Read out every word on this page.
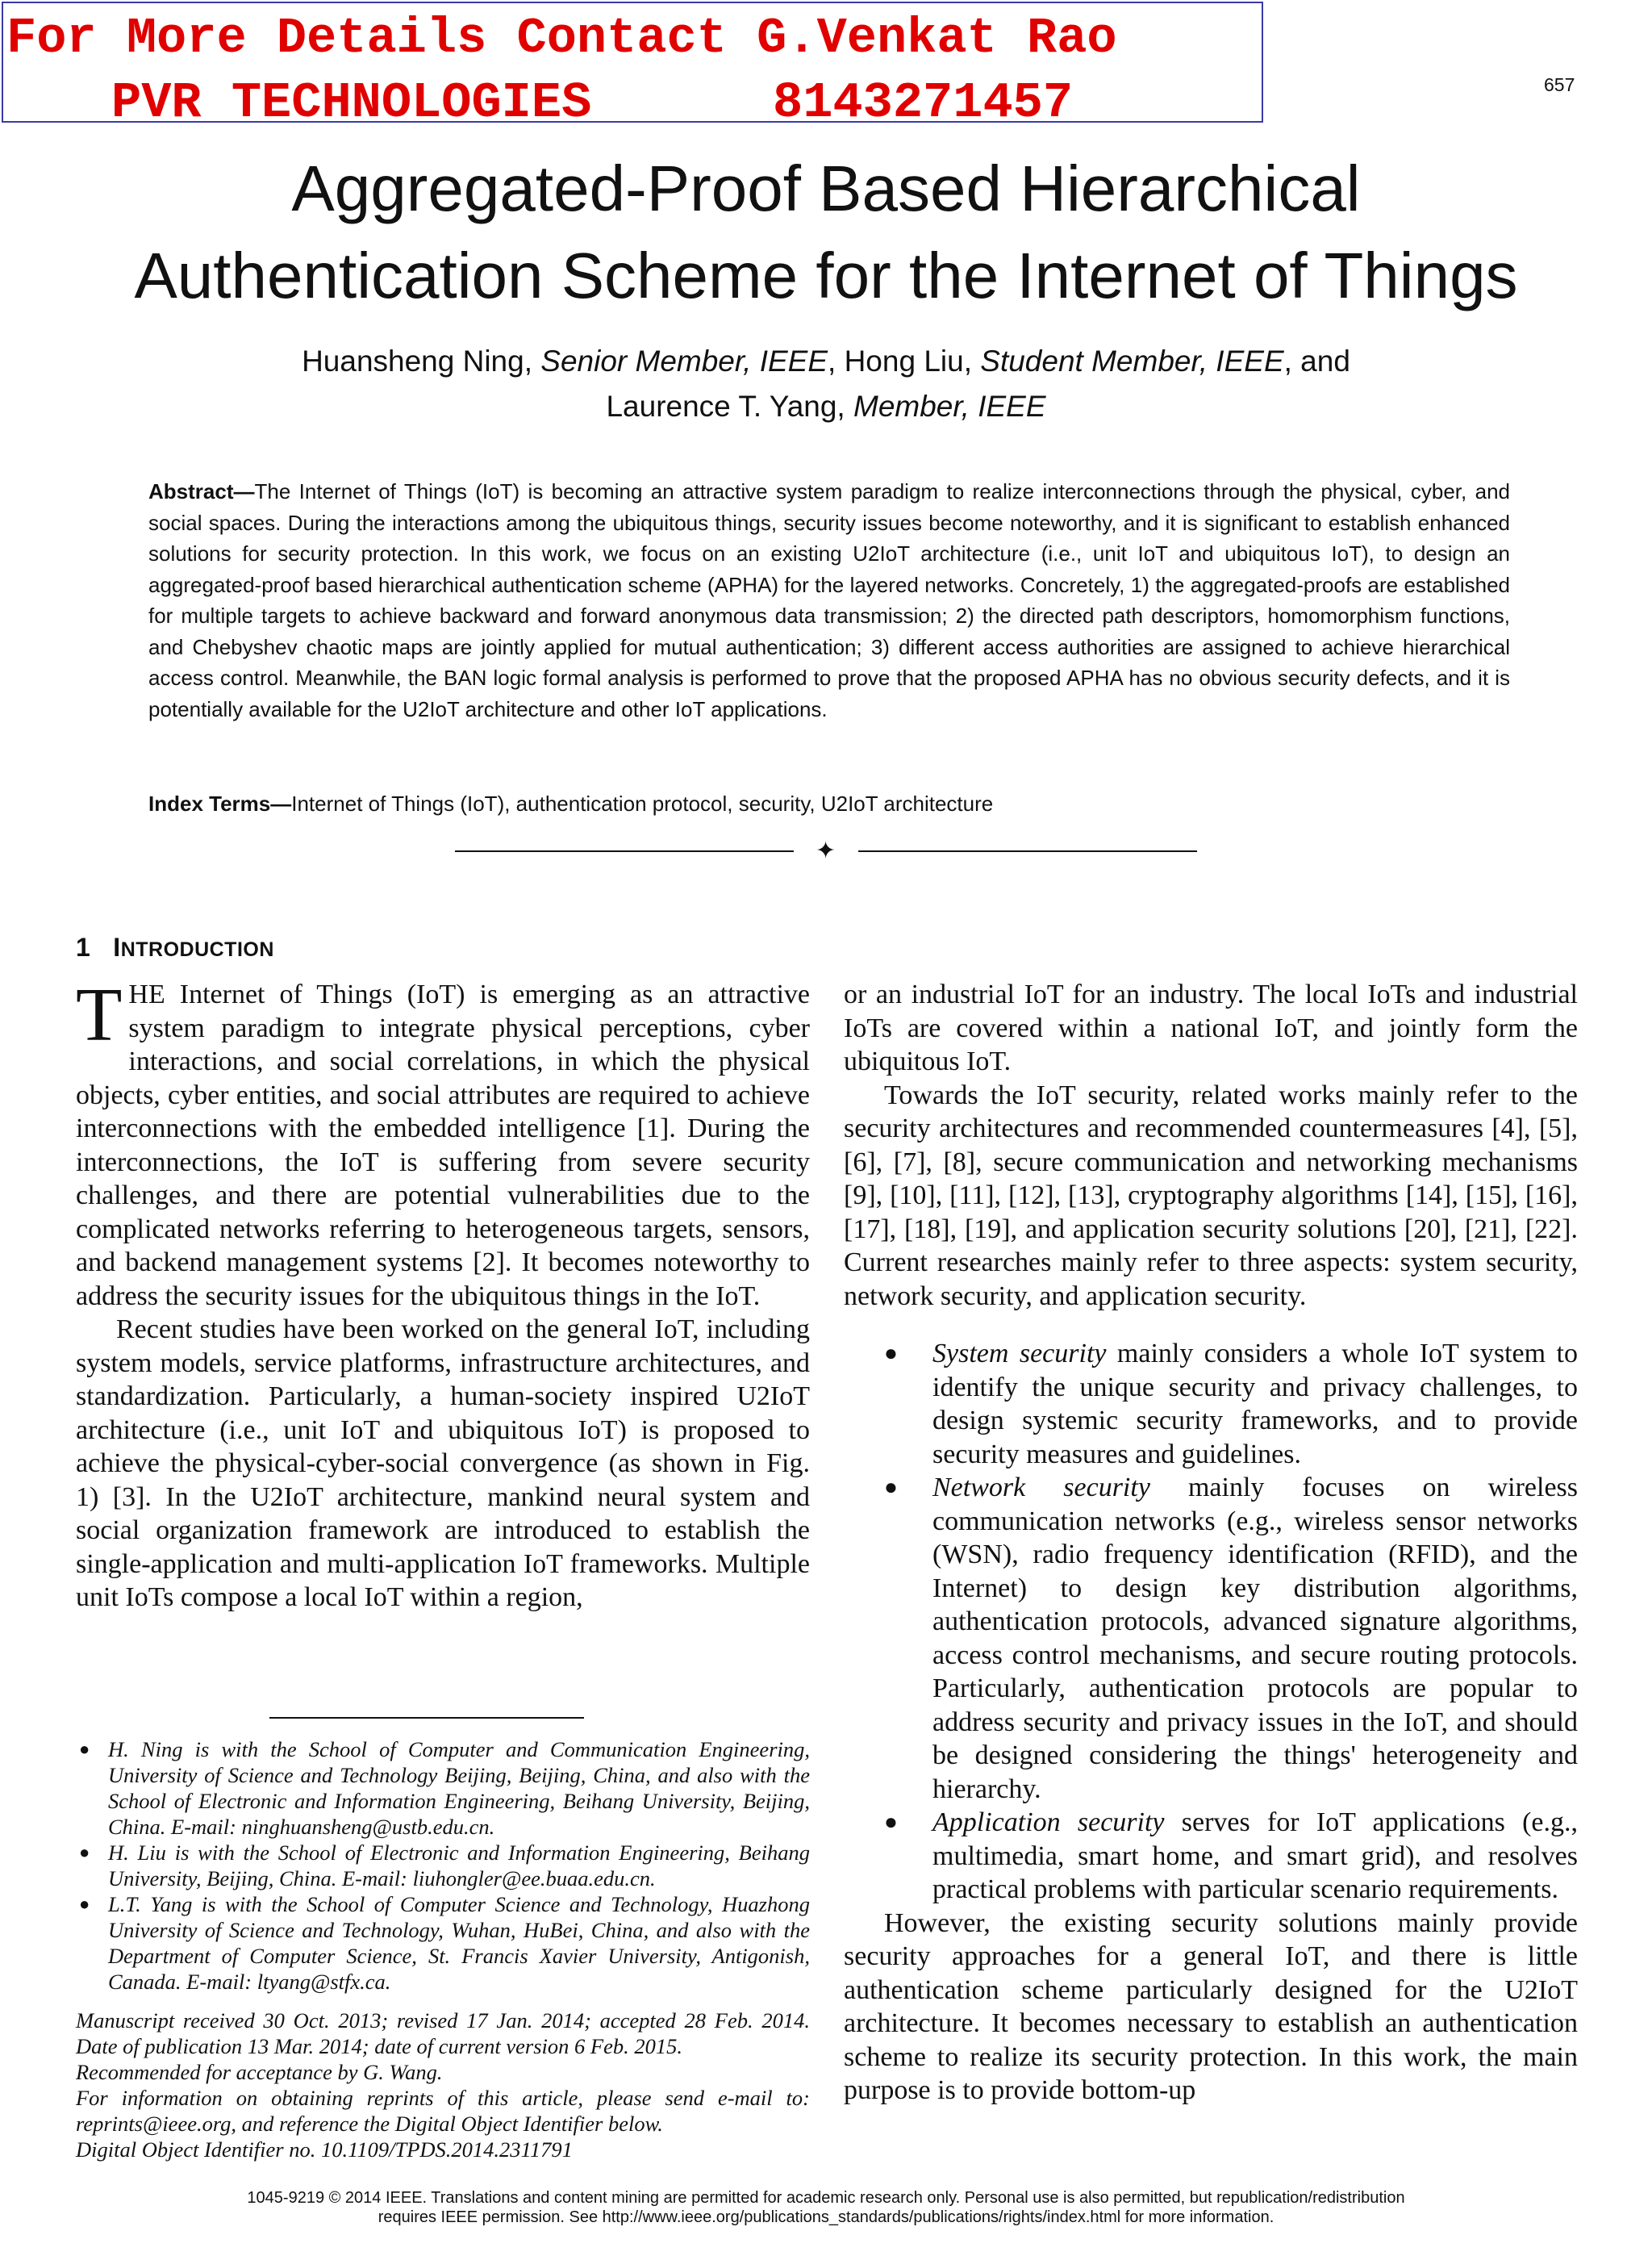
For More Details Contact G.Venkat Rao
PVR TECHNOLOGIES	8143271457	657
Aggregated-Proof Based Hierarchical
Authentication Scheme for the Internet of Things
Huansheng Ning, Senior Member, IEEE, Hong Liu, Student Member, IEEE, and
Laurence T. Yang, Member, IEEE
Abstract—The Internet of Things (IoT) is becoming an attractive system paradigm to realize interconnections through the physical, cyber, and social spaces. During the interactions among the ubiquitous things, security issues become noteworthy, and it is significant to establish enhanced solutions for security protection. In this work, we focus on an existing U2IoT architecture (i.e., unit IoT and ubiquitous IoT), to design an aggregated-proof based hierarchical authentication scheme (APHA) for the layered networks. Concretely, 1) the aggregated-proofs are established for multiple targets to achieve backward and forward anonymous data transmission; 2) the directed path descriptors, homomorphism functions, and Chebyshev chaotic maps are jointly applied for mutual authentication; 3) different access authorities are assigned to achieve hierarchical access control. Meanwhile, the BAN logic formal analysis is performed to prove that the proposed APHA has no obvious security defects, and it is potentially available for the U2IoT architecture and other IoT applications.
Index Terms—Internet of Things (IoT), authentication protocol, security, U2IoT architecture
✦
1 INTRODUCTION

THE Internet of Things (IoT) is emerging as an attractive system paradigm to integrate physical perceptions, cyber interactions, and social correlations, in which the physical objects, cyber entities, and social attributes are required to achieve interconnections with the embedded intelligence [1]. During the interconnections, the IoT is suffering from severe security challenges, and there are potential vulnerabilities due to the complicated networks referring to heterogeneous targets, sensors, and backend management systems [2]. It becomes noteworthy to address the security issues for the ubiquitous things in the IoT.

Recent studies have been worked on the general IoT, including system models, service platforms, infrastructure architectures, and standardization. Particularly, a human-society inspired U2IoT architecture (i.e., unit IoT and ubiquitous IoT) is proposed to achieve the physical-cyber-social convergence (as shown in Fig. 1) [3]. In the U2IoT architecture, mankind neural system and social organization framework are introduced to establish the single-application and multi-application IoT frameworks. Multiple unit IoTs compose a local IoT within a region,

● H. Ning is with the School of Computer and Communication Engineering, University of Science and Technology Beijing, Beijing, China, and also with the School of Electronic and Information Engineering, Beihang University, Beijing, China. E-mail: ninghuansheng@ustb.edu.cn.
● H. Liu is with the School of Electronic and Information Engineering, Beihang University, Beijing, China. E-mail: liuhongler@ee.buaa.edu.cn.
● L.T. Yang is with the School of Computer Science and Technology, Huazhong University of Science and Technology, Wuhan, HuBei, China, and also with the Department of Computer Science, St. Francis Xavier University, Antigonish, Canada. E-mail: ltyang@stfx.ca.

Manuscript received 30 Oct. 2013; revised 17 Jan. 2014; accepted 28 Feb. 2014. Date of publication 13 Mar. 2014; date of current version 6 Feb. 2015.

Recommended for acceptance by G. Wang.

For information on obtaining reprints of this article, please send e-mail to: reprints@ieee.org, and reference the Digital Object Identifier below.

Digital Object Identifier no. 10.1109/TPDS.2014.2311791

or an industrial IoT for an industry. The local IoTs and industrial IoTs are covered within a national IoT, and jointly form the ubiquitous IoT.

Towards the IoT security, related works mainly refer to the security architectures and recommended countermeasures [4], [5], [6], [7], [8], secure communication and networking mechanisms [9], [10], [11], [12], [13], cryptography algorithms [14], [15], [16], [17], [18], [19], and application security solutions [20], [21], [22]. Current researches mainly refer to three aspects: system security, network security, and application security.

● System security mainly considers a whole IoT system to identify the unique security and privacy challenges, to design systemic security frameworks, and to provide security measures and guidelines.
● Network security mainly focuses on wireless communication networks (e.g., wireless sensor networks (WSN), radio frequency identification (RFID), and the Internet) to design key distribution algorithms, authentication protocols, advanced signature algorithms, access control mechanisms, and secure routing protocols. Particularly, authentication protocols are popular to address security and privacy issues in the IoT, and should be designed considering the things' heterogeneity and hierarchy.
● Application security serves for IoT applications (e.g., multimedia, smart home, and smart grid), and resolves practical problems with particular scenario requirements.

However, the existing security solutions mainly provide security approaches for a general IoT, and there is little authentication scheme particularly designed for the U2IoT architecture. It becomes necessary to establish an authentication scheme to realize its security protection. In this work, the main purpose is to provide bottom-up

1045-9219 © 2014 IEEE. Translations and content mining are permitted for academic research only. Personal use is also permitted, but republication/redistribution
requires IEEE permission. See http://www.ieee.org/publications_standards/publications/rights/index.html for more information.
